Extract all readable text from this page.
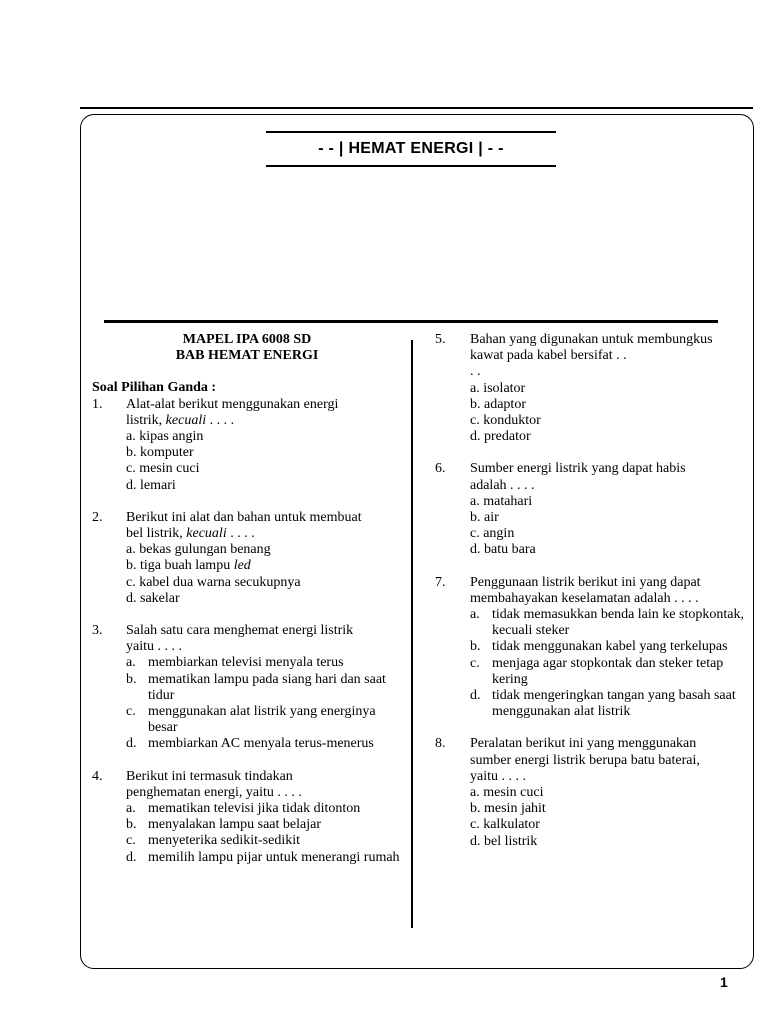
- - | HEMAT ENERGI | - -
MAPEL IPA 6008 SD
BAB HEMAT ENERGI
Soal Pilihan Ganda :
1. Alat-alat berikut menggunakan energi
listrik, kecuali . . . .
a. kipas angin
b. komputer
c. mesin cuci
d. lemari
2. Berikut ini alat dan bahan untuk membuat
bel listrik, kecuali . . . .
a. bekas gulungan benang
b. tiga buah lampu led
c. kabel dua warna secukupnya
d. sakelar
3. Salah satu cara menghemat energi listrik
yaitu . . . .
a. membiarkan televisi menyala terus
b. mematikan lampu pada siang hari dan saat tidur
c. menggunakan alat listrik yang energinya besar
d. membiarkan AC menyala terus-menerus
4. Berikut ini termasuk tindakan
penghematan energi, yaitu . . . .
a. mematikan televisi jika tidak ditonton
b. menyalakan lampu saat belajar
c. menyeterika sedikit-sedikit
d. memilih lampu pijar untuk menerangi rumah
5. Bahan yang digunakan untuk membungkus
kawat pada kabel bersifat . .
. .
a. isolator
b. adaptor
c. konduktor
d. predator
6. Sumber energi listrik yang dapat habis
adalah . . . .
a. matahari
b. air
c. angin
d. batu bara
7. Penggunaan listrik berikut ini yang dapat
membahayakan keselamatan adalah . . . .
a. tidak memasukkan benda lain ke stopkontak, kecuali steker
b. tidak menggunakan kabel yang terkelupas
c. menjaga agar stopkontak dan steker tetap kering
d. tidak mengeringkan tangan yang basah saat menggunakan alat listrik
8. Peralatan berikut ini yang menggunakan
sumber energi listrik berupa batu baterai,
yaitu . . . .
a. mesin cuci
b. mesin jahit
c. kalkulator
d. bel listrik
1
